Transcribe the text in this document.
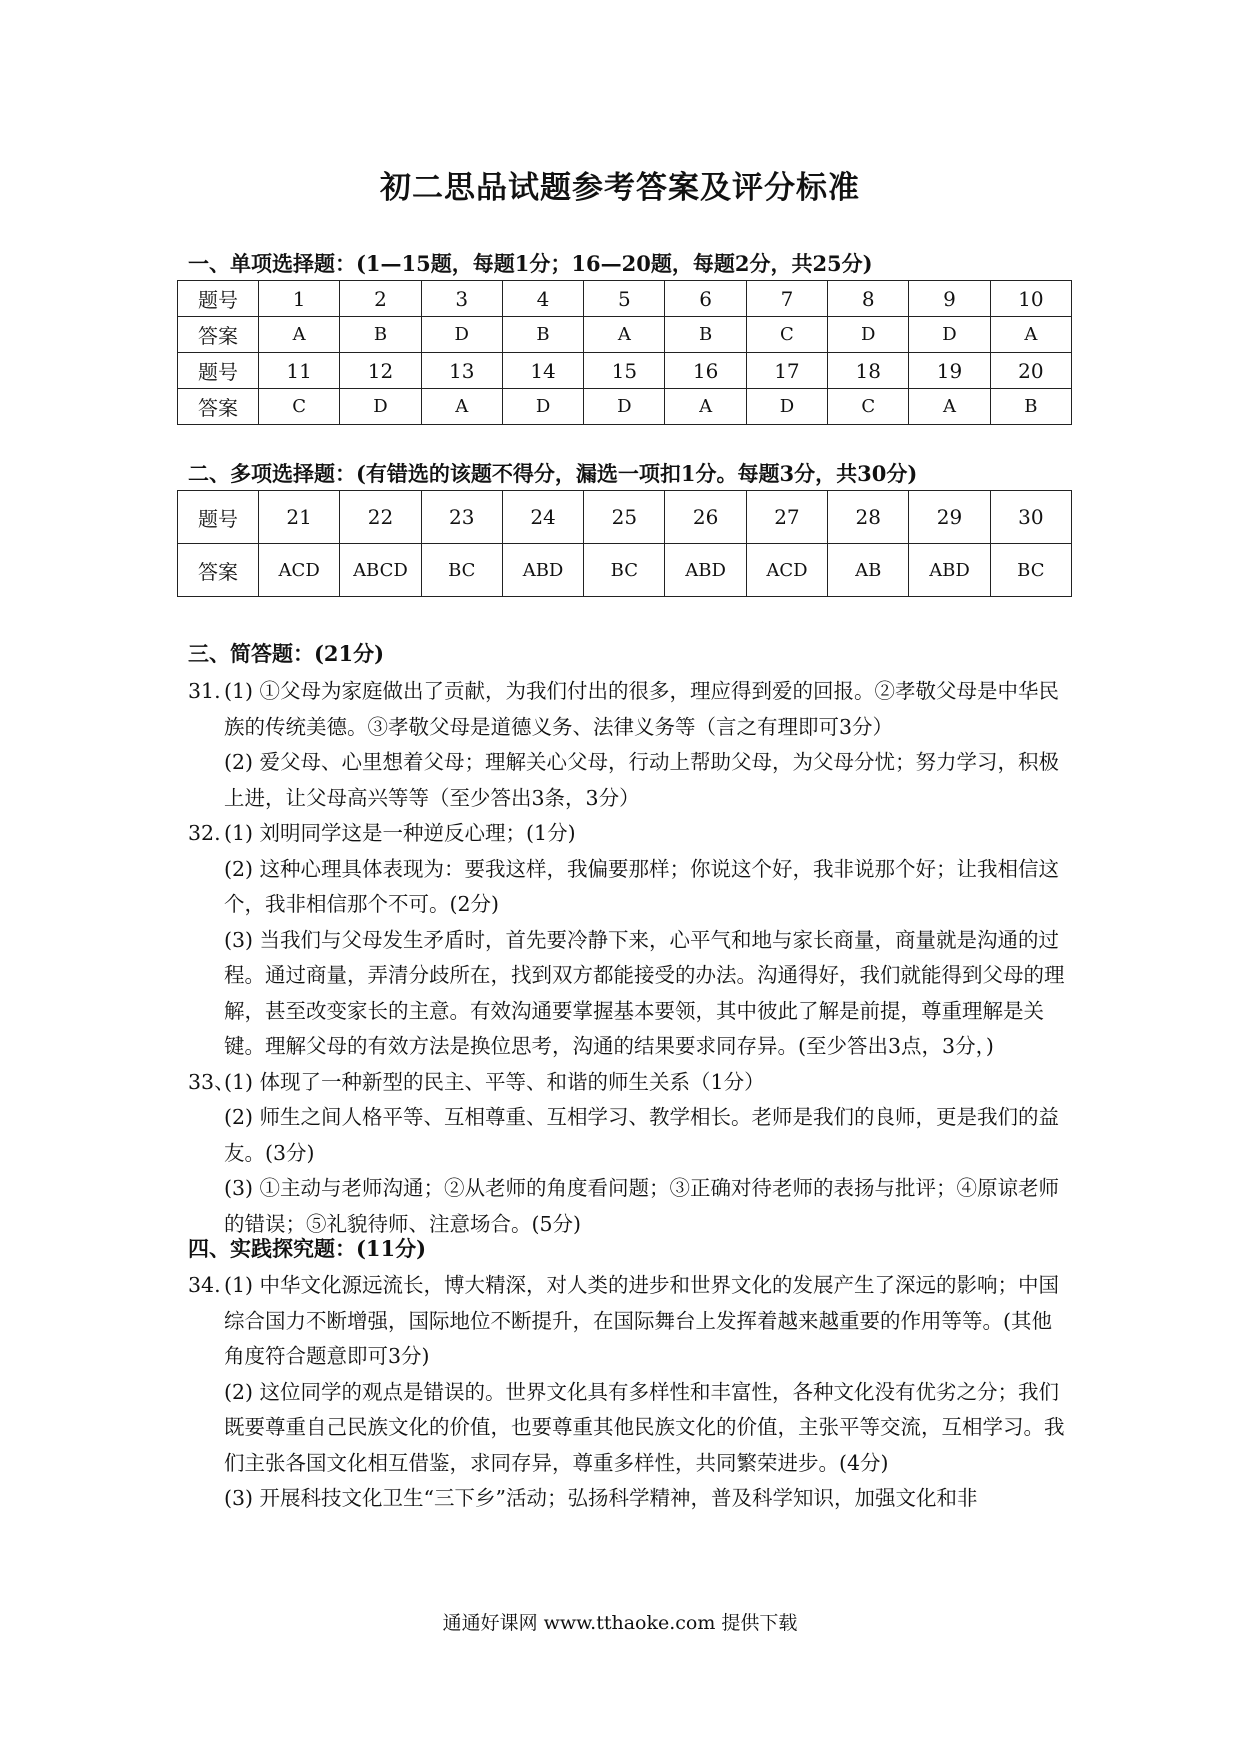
初二思品试题参考答案及评分标准
一、单项选择题：(1—15题，每题1分；16—20题，每题2分，共25分)
题号	1	2	3	4	5	6	7	8	9	10
答案	A	B	D	B	A	B	C	D	D	A
题号	11	12	13	14	15	16	17	18	19	20
答案	C	D	A	D	D	A	D	C	A	B
二、多项选择题：(有错选的该题不得分，漏选一项扣1分。每题3分，共30分)
题号	21	22	23	24	25	26	27	28	29	30
答案	ACD	ABCD	BC	ABD	BC	ABD	ACD	AB	ABD	BC
三、简答题：(21分)
31. (1) ①父母为家庭做出了贡献，为我们付出的很多，理应得到爱的回报。②孝敬父母是中华民族的传统美德。③孝敬父母是道德义务、法律义务等（言之有理即可3分）
(2) 爱父母、心里想着父母；理解关心父母，行动上帮助父母，为父母分忧；努力学习，积极上进，让父母高兴等等（至少答出3条，3分）
32. (1) 刘明同学这是一种逆反心理；(1分)
(2) 这种心理具体表现为：要我这样，我偏要那样；你说这个好，我非说那个好；让我相信这个，我非相信那个不可。(2分)
(3) 当我们与父母发生矛盾时，首先要冷静下来，心平气和地与家长商量，商量就是沟通的过程。通过商量，弄清分歧所在，找到双方都能接受的办法。沟通得好，我们就能得到父母的理解，甚至改变家长的主意。有效沟通要掌握基本要领，其中彼此了解是前提，尊重理解是关键。理解父母的有效方法是换位思考，沟通的结果要求同存异。(至少答出3点，3分，)
33、
(1) 体现了一种新型的民主、平等、和谐的师生关系（1分）
(2) 师生之间人格平等、互相尊重、互相学习、教学相长。老师是我们的良师，更是我们的益友。(3分)
(3) ①主动与老师沟通；②从老师的角度看问题；③正确对待老师的表扬与批评；④原谅老师的错误；⑤礼貌待师、注意场合。(5分)
四、实践探究题：(11分)
34. (1) 中华文化源远流长，博大精深，对人类的进步和世界文化的发展产生了深远的影响；中国综合国力不断增强，国际地位不断提升，在国际舞台上发挥着越来越重要的作用等等。(其他角度符合题意即可3分)
(2) 这位同学的观点是错误的。世界文化具有多样性和丰富性，各种文化没有优劣之分；我们既要尊重自己民族文化的价值，也要尊重其他民族文化的价值，主张平等交流，互相学习。我们主张各国文化相互借鉴，求同存异，尊重多样性，共同繁荣进步。(4分)
(3) 开展科技文化卫生“三下乡”活动；弘扬科学精神，普及科学知识，加强文化和非
通通好课网 www.tthaoke.com 提供下载
